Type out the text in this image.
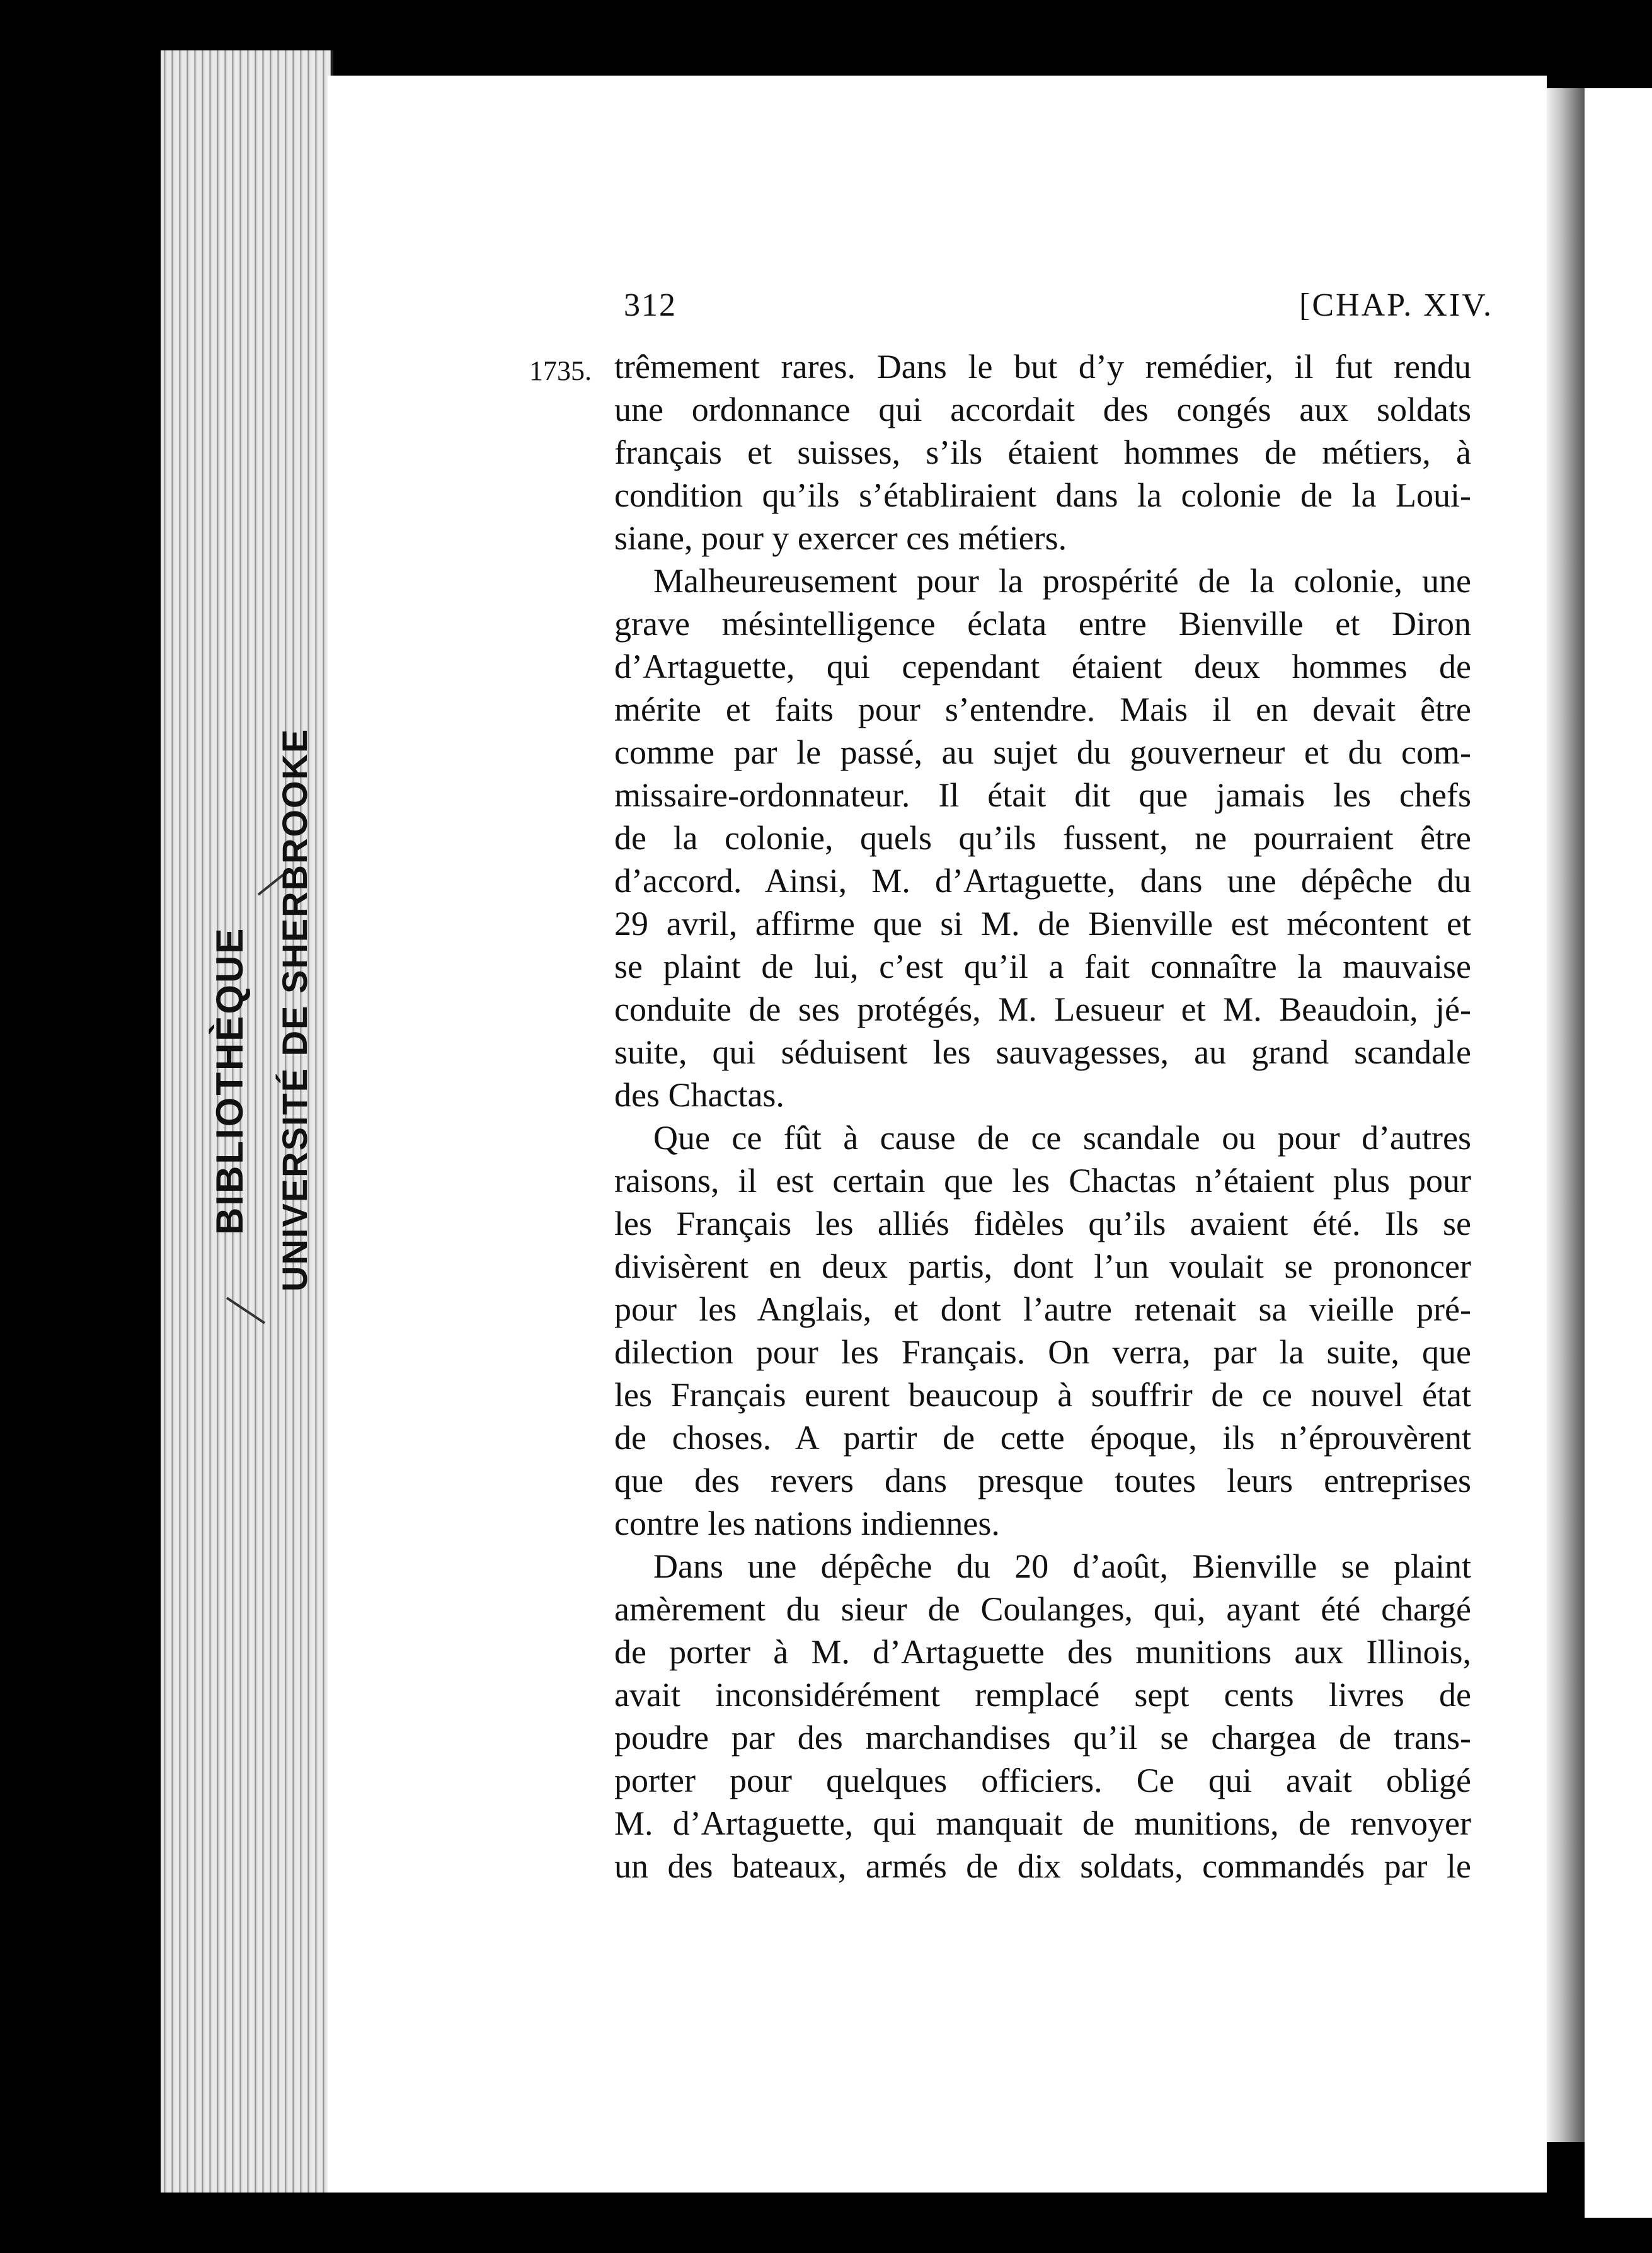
BIBLIOTHÈQUE UNIVERSITÉ DE SHERBROOKE
312	[CHAP. XIV.
1735. trêmement rares. Dans le but d’y remédier, il fut rendu
une ordonnance qui accordait des congés aux soldats
français et suisses, s’ils étaient hommes de métiers, à
condition qu’ils s’établiraient dans la colonie de la Loui-
siane, pour y exercer ces métiers.
Malheureusement pour la prospérité de la colonie, une
grave mésintelligence éclata entre Bienville et Diron
d’Artaguette, qui cependant étaient deux hommes de
mérite et faits pour s’entendre. Mais il en devait être
comme par le passé, au sujet du gouverneur et du com-
missaire-ordonnateur. Il était dit que jamais les chefs
de la colonie, quels qu’ils fussent, ne pourraient être
d’accord. Ainsi, M. d’Artaguette, dans une dépêche du
29 avril, affirme que si M. de Bienville est mécontent et
se plaint de lui, c’est qu’il a fait connaître la mauvaise
conduite de ses protégés, M. Lesueur et M. Beaudoin, jé-
suite, qui séduisent les sauvagesses, au grand scandale
des Chactas.
Que ce fût à cause de ce scandale ou pour d’autres
raisons, il est certain que les Chactas n’étaient plus pour
les Français les alliés fidèles qu’ils avaient été. Ils se
divisèrent en deux partis, dont l’un voulait se prononcer
pour les Anglais, et dont l’autre retenait sa vieille pré-
dilection pour les Français. On verra, par la suite, que
les Français eurent beaucoup à souffrir de ce nouvel état
de choses. A partir de cette époque, ils n’éprouvèrent
que des revers dans presque toutes leurs entreprises
contre les nations indiennes.
Dans une dépêche du 20 d’août, Bienville se plaint
amèrement du sieur de Coulanges, qui, ayant été chargé
de porter à M. d’Artaguette des munitions aux Illinois,
avait inconsidérément remplacé sept cents livres de
poudre par des marchandises qu’il se chargea de trans-
porter pour quelques officiers. Ce qui avait obligé
M. d’Artaguette, qui manquait de munitions, de renvoyer
un des bateaux, armés de dix soldats, commandés par le
